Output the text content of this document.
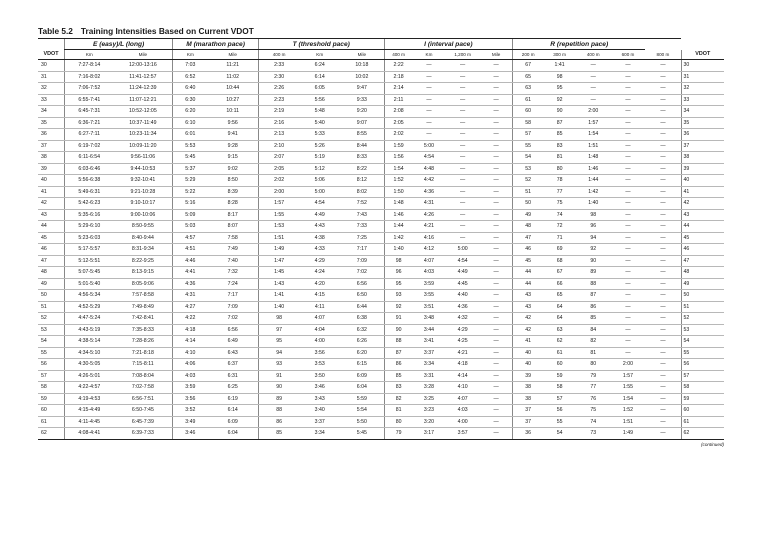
Table 5.2 Training Intensities Based on Current VDOT
	E (easy)/L (long)		M (marathon pace)		T (threshold pace)			I (interval pace)				R (repetition pace)					
VDOT	Km	Mile	Km	Mile	400 m	Km	Mile	400 m	Km	1,200 m	Mile	200 m	300 m	400 m	600 m	800 m	VDOT
30	7:27-8:14	12:00-13:16	7:03	11:21	2:33	6:24	10:18	2:22	—	—	—	67	1:41	—	—	—	30
31	7:16-8:02	11:41-12:57	6:52	11:02	2:30	6:14	10:02	2:18	—	—	—	65	98	—	—	—	31
32	7:06-7:52	11:24-12:39	6:40	10:44	2:26	6:05	9:47	2:14	—	—	—	63	95	—	—	—	32
33	6:55-7:41	11:07-12:21	6:30	10:27	2:23	5:56	9:33	2:11	—	—	—	61	92	—	—	—	33
34	6:45-7:31	10:52-12:05	6:20	10:11	2:19	5:48	9:20	2:08	—	—	—	60	90	2:00	—	—	34
35	6:36-7:21	10:37-11:49	6:10	9:56	2:16	5:40	9:07	2:05	—	—	—	58	87	1:57	—	—	35
36	6:27-7:11	10:23-11:34	6:01	9:41	2:13	5:33	8:55	2:02	—	—	—	57	85	1:54	—	—	36
37	6:19-7:02	10:09-11:20	5:53	9:28	2:10	5:26	8:44	1:59	5:00	—	—	55	83	1:51	—	—	37
38	6:11-6:54	9:56-11:06	5:45	9:15	2:07	5:19	8:33	1:56	4:54	—	—	54	81	1:48	—	—	38
39	6:03-6:46	9:44-10:53	5:37	9:02	2:05	5:12	8:22	1:54	4:48	—	—	53	80	1:46	—	—	39
40	5:56-6:38	9:32-10:41	5:29	8:50	2:02	5:06	8:12	1:52	4:42	—	—	52	78	1:44	—	—	40
41	5:49-6:31	9:21-10:28	5:22	8:39	2:00	5:00	8:02	1:50	4:36	—	—	51	77	1:42	—	—	41
42	5:42-6:23	9:10-10:17	5:16	8:28	1:57	4:54	7:52	1:48	4:31	—	—	50	75	1:40	—	—	42
43	5:35-6:16	9:00-10:06	5:09	8:17	1:55	4:49	7:43	1:46	4:26	—	—	49	74	98	—	—	43
44	5:29-6:10	8:50-9:55	5:03	8:07	1:53	4:43	7:33	1:44	4:21	—	—	48	72	96	—	—	44
45	5:23-6:03	8:40-9:44	4:57	7:58	1:51	4:38	7:25	1:42	4:16	—	—	47	71	94	—	—	45
46	5:17-5:57	8:31-9:34	4:51	7:49	1:49	4:33	7:17	1:40	4:12	5:00	—	46	69	92	—	—	46
47	5:12-5:51	8:22-9:25	4:46	7:40	1:47	4:29	7:09	98	4:07	4:54	—	45	68	90	—	—	47
48	5:07-5:45	8:13-9:15	4:41	7:32	1:45	4:24	7:02	96	4:03	4:49	—	44	67	89	—	—	48
49	5:01-5:40	8:05-9:06	4:36	7:24	1:43	4:20	6:56	95	3:59	4:45	—	44	66	88	—	—	49
50	4:56-5:34	7:57-8:58	4:31	7:17	1:41	4:15	6:50	93	3:55	4:40	—	43	65	87	—	—	50
51	4:52-5:29	7:49-8:49	4:27	7:09	1:40	4:11	6:44	92	3:51	4:36	—	43	64	86	—	—	51
52	4:47-5:24	7:42-8:41	4:22	7:02	98	4:07	6:38	91	3:48	4:32	—	42	64	85	—	—	52
53	4:43-5:19	7:35-8:33	4:18	6:56	97	4:04	6:32	90	3:44	4:29	—	42	63	84	—	—	53
54	4:38-5:14	7:28-8:26	4:14	6:49	95	4:00	6:26	88	3:41	4:25	—	41	62	82	—	—	54
55	4:34-5:10	7:21-8:18	4:10	6:43	94	3:56	6:20	87	3:37	4:21	—	40	61	81	—	—	55
56	4:30-5:05	7:15-8:11	4:06	6:37	93	3:53	6:15	86	3:34	4:18	—	40	60	80	2:00	—	56
57	4:26-5:01	7:08-8:04	4:03	6:31	91	3:50	6:09	85	3:31	4:14	—	39	59	79	1:57	—	57
58	4:22-4:57	7:02-7:58	3:59	6:25	90	3:46	6:04	83	3:28	4:10	—	38	58	77	1:55	—	58
59	4:19-4:53	6:56-7:51	3:56	6:19	89	3:43	5:59	82	3:25	4:07	—	38	57	76	1:54	—	59
60	4:15-4:49	6:50-7:45	3:52	6:14	88	3:40	5:54	81	3:23	4:03	—	37	56	75	1:52	—	60
61	4:11-4:45	6:45-7:39	3:49	6:09	86	3:37	5:50	80	3:20	4:00	—	37	55	74	1:51	—	61
62	4:08-4:41	6:39-7:33	3:46	6:04	85	3:34	5:45	79	3:17	3:57	—	36	54	73	1:49	—	62
(continued)
